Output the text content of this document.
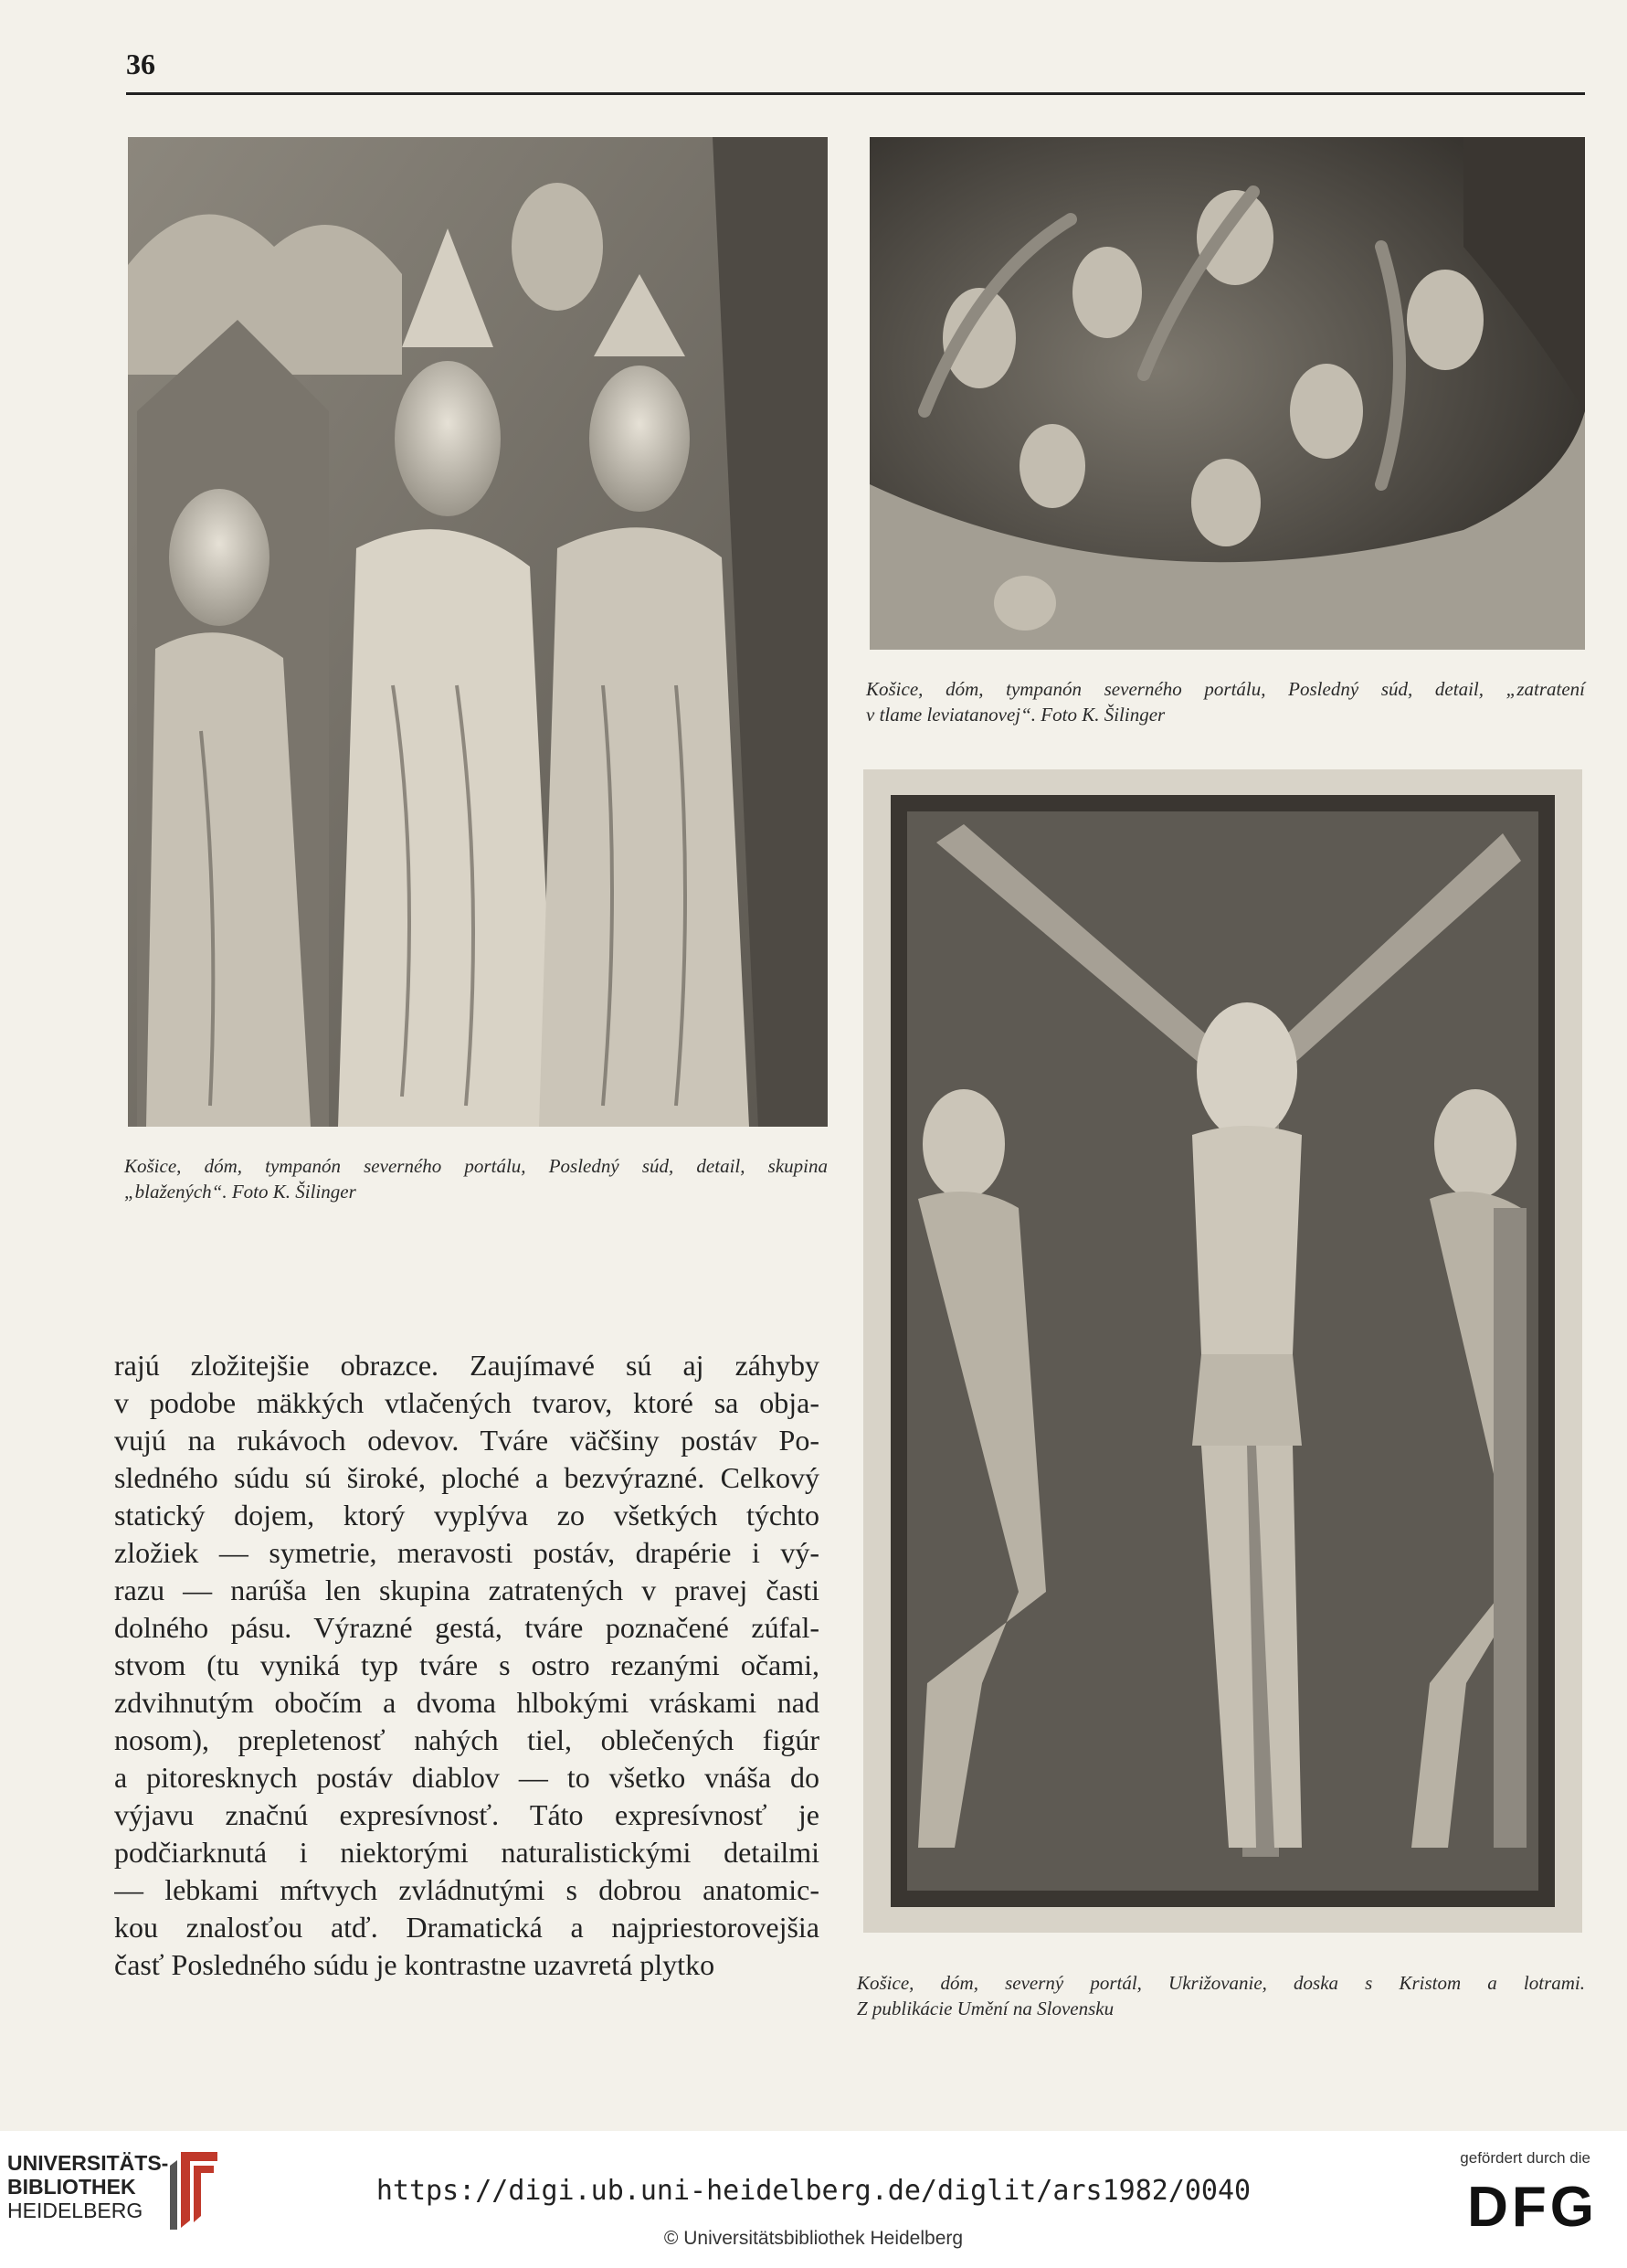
36
Košice, dóm, tympanón severného portálu, Posledný súd, detail, skupina
„blažených“. Foto K. Šilinger
Košice, dóm, tympanón severného portálu, Posledný súd, detail, „zatratení
v tlame leviatanovej“. Foto K. Šilinger
Košice, dóm, severný portál, Ukrižovanie, doska s Kristom a lotrami.
Z publikácie Umění na Slovensku
rajú zložitejšie obrazce. Zaujímavé sú aj záhyby
v podobe mäkkých vtlačených tvarov, ktoré sa obja-
vujú na rukávoch odevov. Tváre väčšiny postáv Po-
sledného súdu sú široké, ploché a bezvýrazné. Celkový
statický dojem, ktorý vyplýva zo všetkých týchto
zložiek — symetrie, meravosti postáv, drapérie i vý-
razu — narúša len skupina zatratených v pravej časti
dolného pásu. Výrazné gestá, tváre poznačené zúfal-
stvom (tu vyniká typ tváre s ostro rezanými očami,
zdvihnutým obočím a dvoma hlbokými vráskami nad
nosom), prepletenosť nahých tiel, oblečených figúr
a pitoresknych postáv diablov — to všetko vnáša do
výjavu značnú expresívnosť. Táto expresívnosť je
podčiarknutá i niektorými naturalistickými detailmi
— lebkami mŕtvych zvládnutými s dobrou anatomic-
kou znalosťou atď. Dramatická a najpriestorovejšia
časť Posledného súdu je kontrastne uzavretá plytko
UNIVERSITÄTS-
BIBLIOTHEK
HEIDELBERG
https://digi.ub.uni-heidelberg.de/diglit/ars1982/0040
© Universitätsbibliothek Heidelberg
gefördert durch die
DFG
